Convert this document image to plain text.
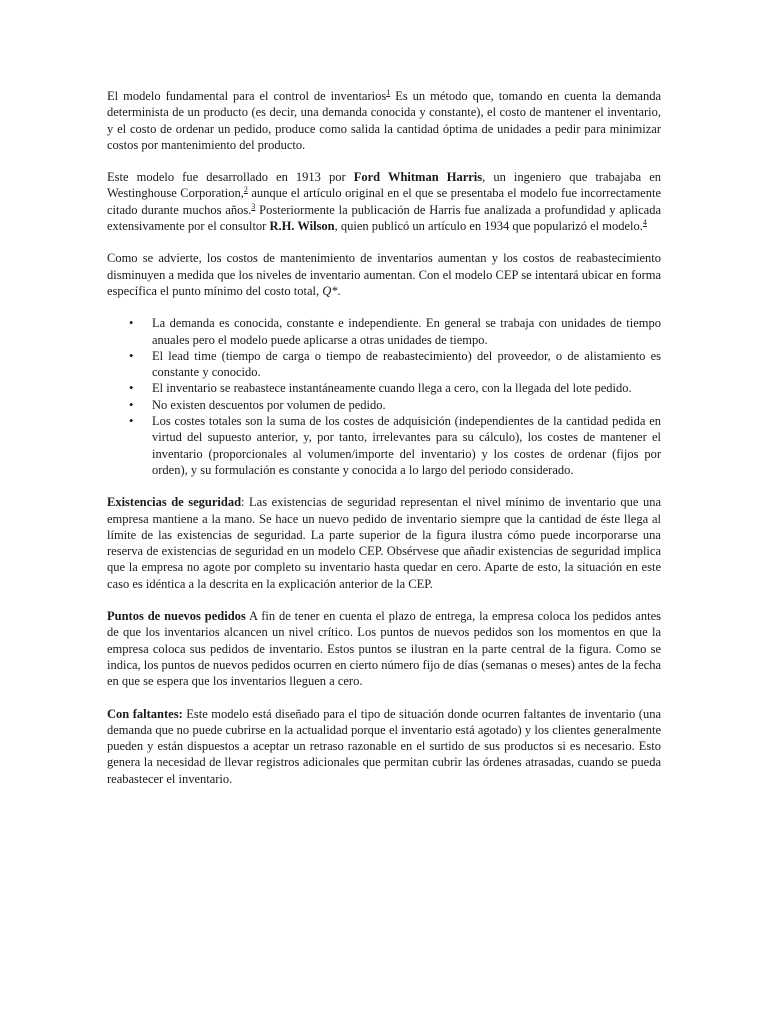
El modelo fundamental para el control de inventarios$^1$ Es un método que, tomando en cuenta la demanda determinista de un producto (es decir, una demanda conocida y constante), el costo de mantener el inventario, y el costo de ordenar un pedido, produce como salida la cantidad óptima de unidades a pedir para minimizar costos por mantenimiento del producto.

Este modelo fue desarrollado en 1913 por Ford Whitman Harris, un ingeniero que trabajaba en Westinghouse Corporation,$^2$ aunque el artículo original en el que se presentaba el modelo fue incorrectamente citado durante muchos años.$^3$ Posteriormente la publicación de Harris fue analizada a profundidad y aplicada extensivamente por el consultor R.H. Wilson, quien publicó un artículo en 1934 que popularizó el modelo.$^4$

Como se advierte, los costos de mantenimiento de inventarios aumentan y los costos de reabastecimiento disminuyen a medida que los niveles de inventario aumentan. Con el modelo CEP se intentará ubicar en forma específica el punto mínimo del costo total, Q*.

• La demanda es conocida, constante e independiente. En general se trabaja con unidades de tiempo anuales pero el modelo puede aplicarse a otras unidades de tiempo.
• El lead time (tiempo de carga o tiempo de reabastecimiento) del proveedor, o de alistamiento es constante y conocido.
• El inventario se reabastece instantáneamente cuando llega a cero, con la llegada del lote pedido.
• No existen descuentos por volumen de pedido.
• Los costes totales son la suma de los costes de adquisición (independientes de la cantidad pedida en virtud del supuesto anterior, y, por tanto, irrelevantes para su cálculo), los costes de mantener el inventario (proporcionales al volumen/importe del inventario) y los costes de ordenar (fijos por orden), y su formulación es constante y conocida a lo largo del periodo considerado.

Existencias de seguridad: Las existencias de seguridad representan el nivel mínimo de inventario que una empresa mantiene a la mano. Se hace un nuevo pedido de inventario siempre que la cantidad de éste llega al límite de las existencias de seguridad. La parte superior de la figura ilustra cómo puede incorporarse una reserva de existencias de seguridad en un modelo CEP. Obsérvese que añadir existencias de seguridad implica que la empresa no agote por completo su inventario hasta quedar en cero. Aparte de esto, la situación en este caso es idéntica a la descrita en la explicación anterior de la CEP.

Puntos de nuevos pedidos A fin de tener en cuenta el plazo de entrega, la empresa coloca los pedidos antes de que los inventarios alcancen un nivel crítico. Los puntos de nuevos pedidos son los momentos en que la empresa coloca sus pedidos de inventario. Estos puntos se ilustran en la parte central de la figura. Como se indica, los puntos de nuevos pedidos ocurren en cierto número fijo de días (semanas o meses) antes de la fecha en que se espera que los inventarios lleguen a cero.

Con faltantes: Este modelo está diseñado para el tipo de situación donde ocurren faltantes de inventario (una demanda que no puede cubrirse en la actualidad porque el inventario está agotado) y los clientes generalmente pueden y están dispuestos a aceptar un retraso razonable en el surtido de sus productos si es necesario. Esto genera la necesidad de llevar registros adicionales que permitan cubrir las órdenes atrasadas, cuando se pueda reabastecer el inventario.
